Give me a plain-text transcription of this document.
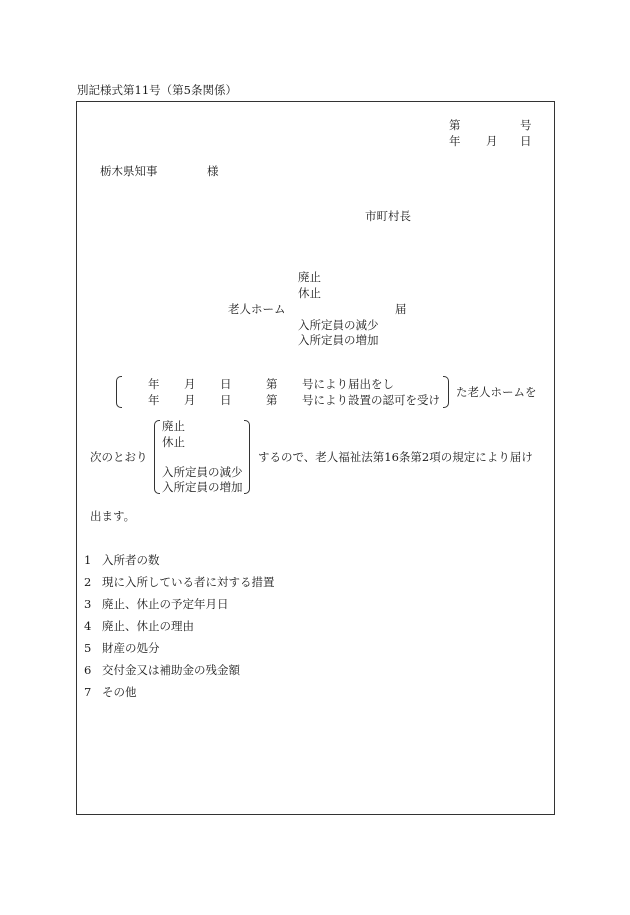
別記様式第11号（第5条関係）
第	号
年 月 日
栃木県知事	様
市町村長
廃止
休止
老人ホーム	届
入所定員の減少
入所定員の増加
年 月 日	第 号により届出をし
年 月 日	第 号により設置の認可を受け
た老人ホームを
次のとおり
廃止
休止
入所定員の減少
入所定員の増加
するので、老人福祉法第16条第2項の規定により届け
出ます。
1 入所者の数
2 現に入所している者に対する措置
3 廃止、休止の予定年月日
4 廃止、休止の理由
5 財産の処分
6 交付金又は補助金の残金額
7 その他
